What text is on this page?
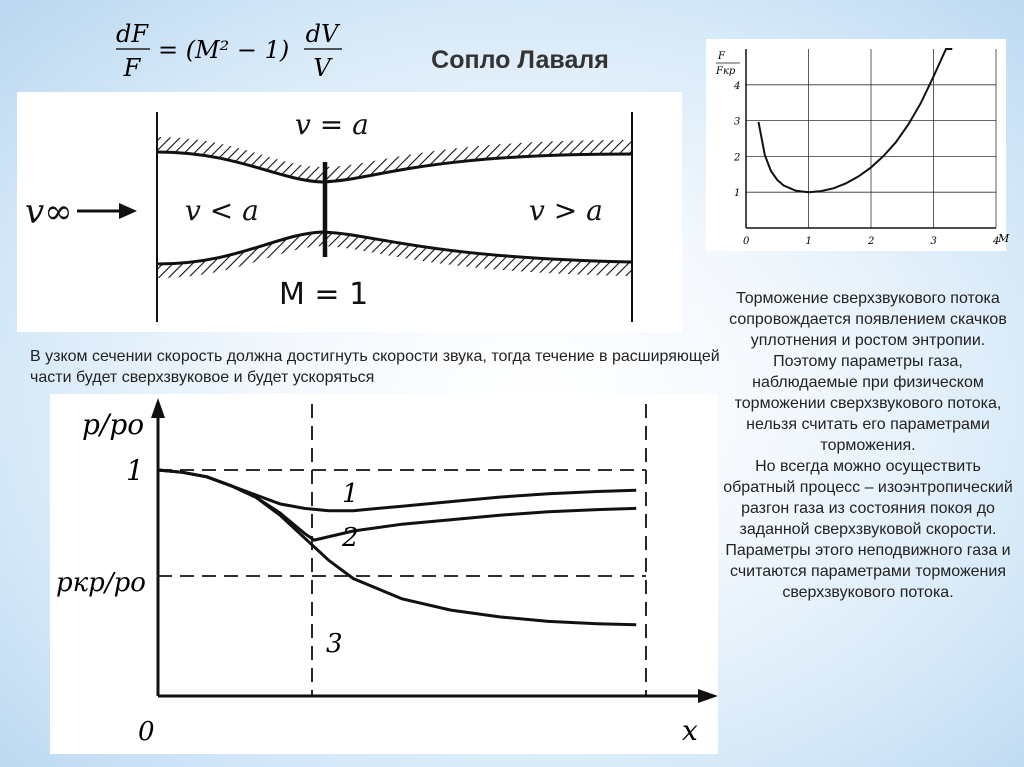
dF
F
= (M² − 1)
dV
V	Сопло Лаваля
v∞
v = a
v < a	v > a
M = 1
F
Fкр
M
0	1	2	3	4
1
2
3
4
В узком сечении скорость должна достигнуть скорости звука, тогда течение в расширяющей части будет сверхзвуковое и будет ускоряться
p/po
1
pкр/po
0	x
1
2
3
Торможение сверхзвукового потока сопровождается появлением скачков уплотнения и ростом энтропии. Поэтому параметры газа, наблюдаемые при физическом торможении сверхзвукового потока, нельзя считать его параметрами торможения.
Но всегда можно осуществить обратный процесс – изоэнтропический разгон газа из состояния покоя до заданной сверхзвуковой скорости. Параметры этого неподвижного газа и считаются параметрами торможения сверхзвукового потока.
